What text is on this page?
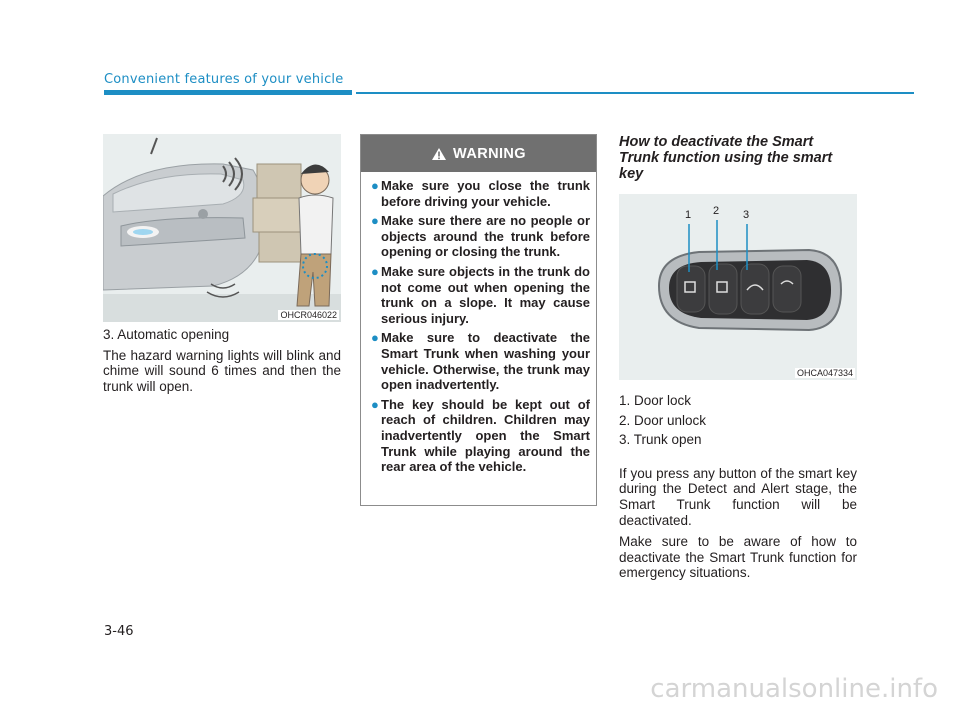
Convenient features of your vehicle
OHCR046022

3. Automatic opening

The hazard warning lights will blink and chime will sound 6 times and then the trunk will open.

WARNING
● Make sure you close the trunk before driving your vehicle.
● Make sure there are no people or objects around the trunk before opening or closing the trunk.
● Make sure objects in the trunk do not come out when opening the trunk on a slope. It may cause serious injury.
● Make sure to deactivate the Smart Trunk when washing your vehicle. Otherwise, the trunk may open inadvertently.
● The key should be kept out of reach of children. Children may inadvertently open the Smart Trunk while playing around the rear area of the vehicle.

How to deactivate the Smart Trunk function using the smart key

1 2 3
OHCA047334

1. Door lock

2. Door unlock

3. Trunk open

If you press any button of the smart key during the Detect and Alert stage, the Smart Trunk function will be deactivated.

Make sure to be aware of how to deactivate the Smart Trunk function for emergency situations.

3-46
carmanualsonline.info
